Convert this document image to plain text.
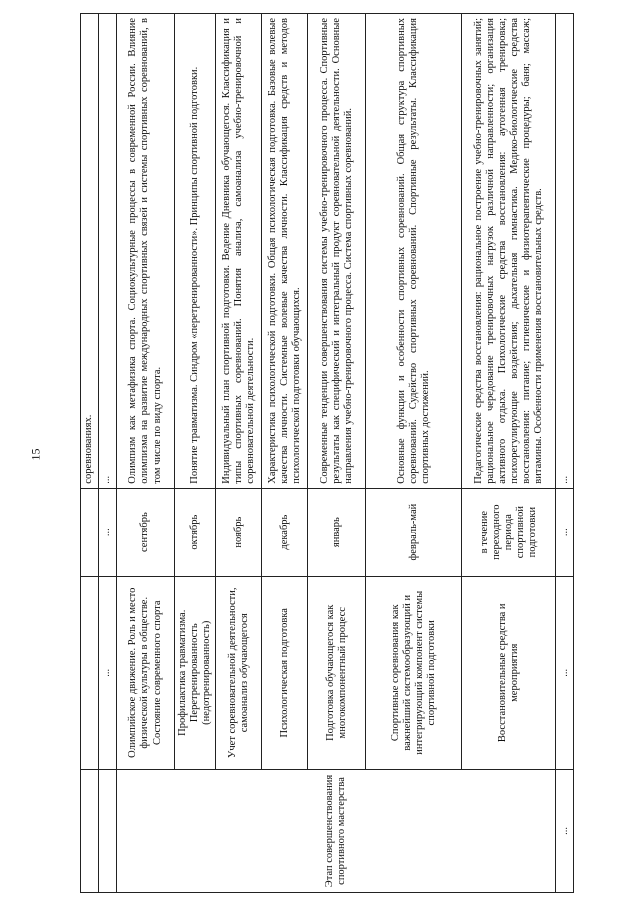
15
				соревнованиях.
	...	...	...
Этап совершенствования спортивного мастерства	Олимпийское движение. Роль и место физической культуры в обществе. Состояние современного спорта	сентябрь	Олимпизм как метафизика спорта. Социокультурные процессы в современной России. Влияние олимпизма на развитие международных спортивных связей и системы спортивных соревнований, в том числе по виду спорта.
	Профилактика травматизма. Перетренированность (недотренированность)	октябрь	Понятие травматизма. Синдром «перетренированности». Принципы спортивной подготовки.
	Учет соревновательной деятельности, самоанализ обучающегося	ноябрь	Индивидуальный план спортивной подготовки. Ведение Дневника обучающегося. Классификация и типы спортивных соревнований. Понятия анализа, самоанализа учебно-тренировочной и соревновательной деятельности.
	Психологическая подготовка	декабрь	Характеристика психологической подготовки. Общая психологическая подготовка. Базовые волевые качества личности. Системные волевые качества личности. Классификация средств и методов психологической подготовки обучающихся.
	Подготовка обучающегося как многокомпонентный процесс	январь	Современные тенденции совершенствования системы учебно-тренировочного процесса. Спортивные результаты как специфический и интегральный продукт соревновательной деятельности. Основные направления учебно-тренировочного процесса. Система спортивных соревнований.
	Спортивные соревнования как важнейший системообразующий и интегрирующий компонент системы спортивной подготовки	февраль-май	Основные функции и особенности спортивных соревнований. Общая структура спортивных соревнований. Судейство спортивных соревнований. Спортивные результаты. Классификация спортивных достижений.
	Восстановительные средства и мероприятия	в течение переходного периода спортивной подготовки	Педагогические средства восстановления: рациональное построение учебно-тренировочных занятий; рациональное чередование тренировочных нагрузок различной направленности; организация активного отдыха. Психологические средства восстановления: аутогенная тренировка; психорегулирующие воздействия; дыхательная гимнастика. Медико-биологические средства восстановления: питание; гигиенические и физиотерапевтические процедуры; баня; массаж; витамины. Особенности применения восстановительных средств.
...	...	...	...
